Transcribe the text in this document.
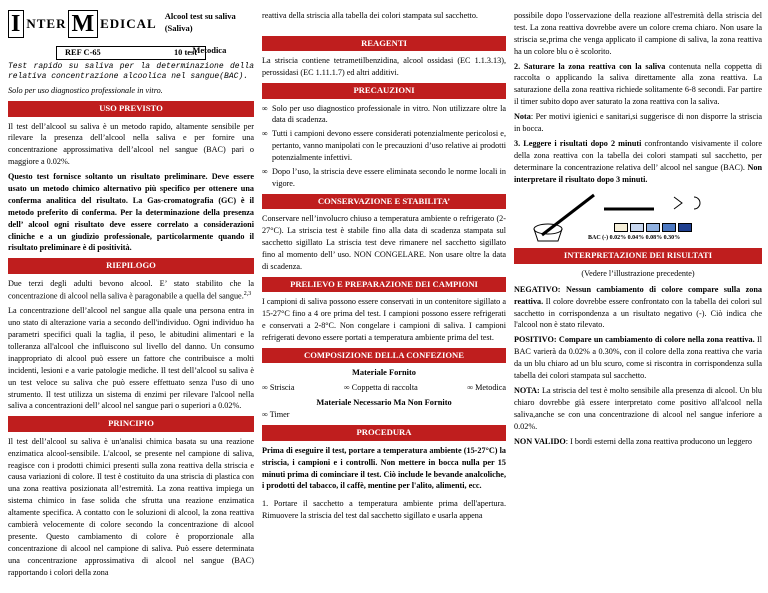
I NTER M EDICAL Alcool test su saliva (Saliva)
Metodica
REF C-65	10 test

Test rapido su saliva per la determinazione della relativa concentrazione alcoolica nel sangue(BAC).

Solo per uso diagnostico professionale in vitro.

USO PREVISTO

Il test dell’alcool su saliva è un metodo rapido, altamente sensibile per rilevare la presenza dell’alcool nella saliva e per fornire una concentrazione approssimativa dell’alcool nel sangue (BAC) pari o maggiore a 0.02%.

Questo test fornisce soltanto un risultato preliminare. Deve essere usato un metodo chimico alternativo più specifico per ottenere una conferma analitica del risultato. La Gas-cromatografia (GC) è il metodo preferito di conferma. Per la determinazione della presenza dell’ alcool ogni risultato deve essere correlato a considerazioni cliniche e a un giudizio professionale, particolarmente quando il risultato preliminare è di positività.

RIEPILOGO

Due terzi degli adulti bevono alcool. E’ stato stabilito che la concentrazione di alcool nella saliva è paragonabile a quella del sangue.$^{2,3}$

La concentrazione dell’alcool nel sangue alla quale una persona entra in uno stato di alterazione varia a secondo dell'individuo. Ogni individuo ha parametri specifici quali la taglia, il peso, le abitudini alimentari e la tolleranza all'alcool che influiscono sul livello del danno. Un consumo inappropriato di alcool può essere un fattore che contribuisce a molti incidenti, lesioni e a varie patologie mediche. Il test dell’alcool su saliva è un test veloce su saliva che può essere effettuato senza l'uso di uno strumento. Il test utilizza un sistema di enzimi per rilevare l'alcool nella saliva a concentrazioni dell’ alcool nel sangue pari o superiori a 0.02%.

PRINCIPIO

Il test dell’alcool su saliva è un'analisi chimica basata su una reazione enzimatica alcool-sensibile. L'alcool, se presente nel campione di saliva, reagisce con i prodotti chimici presenti sulla zona reattiva della striscia e causa variazioni di colore. Il test è costituito da una striscia di plastica con una zona reattiva posizionata all’estremità. La zona reattiva impiega un sistema chimico in fase solida che sfrutta una reazione enzimatica altamente specifica. A contatto con le soluzioni di alcool, la zona reattiva cambierà velocemente di colore secondo la concentrazione di alcool presente. Questo cambiamento di colore è proporzionale alla concentrazione di alcool nel campione di saliva. Può essere determinata una concentrazione approssimativa di alcool nel sangue (BAC) rapportando i colori della zona

reattiva della striscia alla tabella dei colori stampata sul sacchetto.

REAGENTI

La striscia contiene tetrametilbenzidina, alcool ossidasi (EC 1.1.3.13), perossidasi (EC 1.11.1.7) ed altri additivi.

PRECAUZIONI
∞ Solo per uso diagnostico professionale in vitro. Non utilizzare oltre la data di scadenza.
∞ Tutti i campioni devono essere considerati potenzialmente pericolosi e, pertanto, vanno manipolati con le precauzioni d’uso relative ai prodotti potenzialmente infettivi.
∞ Dopo l’uso, la striscia deve essere eliminata secondo le norme locali in vigore.
CONSERVAZIONE E STABILITA’

Conservare nell’involucro chiuso a temperatura ambiente o refrigerato (2-27°C). La striscia test è stabile fino alla data di scadenza stampata sul sacchetto sigillato La striscia test deve rimanere nel sacchetto sigillato fino al momento dell’ uso. NON CONGELARE. Non usare oltre la data di scadenza.

PRELIEVO E PREPARAZIONE DEI CAMPIONI

I campioni di saliva possono essere conservati in un contenitore sigillato a 15-27°C fino a 4 ore prima del test. I campioni possono essere refrigerati e conservati a 2-8°C. Non congelare i campioni di saliva. I campioni refrigerati devono essere portati a temperatura ambiente prima del test.

COMPOSIZIONE DELLA CONFEZIONE
Materiale Fornito
∞ Striscia	∞ Coppetta di raccolta	∞ Metodica
Materiale Necessario Ma Non Fornito
∞ Timer
PROCEDURA

Prima di eseguire il test, portare a temperatura ambiente (15-27°C) la striscia, i campioni e i controlli. Non mettere in bocca nulla per 15 minuti prima di cominciare il test. Ciò include le bevande analcoliche, i prodotti del tabacco, il caffè, mentine per l'alito, alimenti, ecc.

1. Portare il sacchetto a temperatura ambiente prima dell'apertura. Rimuovere la striscia del test dal sacchetto sigillato e usarla appena

possibile dopo l'osservazione della reazione all'estremità della striscia del test. La zona reattiva dovrebbe avere un colore crema chiaro. Non usare la striscia se,prima che venga applicato il campione di saliva, la zona reattiva ha un colore blu o è scolorito.

2. Saturare la zona reattiva con la saliva contenuta nella coppetta di raccolta o applicando la saliva direttamente alla zona reattiva. La saturazione della zona reattiva richiede solitamente 6-8 secondi. Far partire il timer subito dopo aver saturato la zona reattiva con la saliva.

Nota: Per motivi igienici e sanitari,si suggerisce di non disporre la striscia in bocca.

3. Leggere i risultati dopo 2 minuti confrontando visivamente il colore della zona reattiva con la tabella dei colori stampati sul sacchetto, per determinare la concentrazione relativa dell’ alcool nel sangue (BAC). Non interpretare il risultato dopo 3 minuti.

BAC (-) 0.02% 0.04% 0.08% 0.30%
INTERPRETAZIONE DEI RISULTATI
(Vedere l’illustrazione precedente)

NEGATIVO: Nessun cambiamento di colore compare sulla zona reattiva. Il colore dovrebbe essere confrontato con la tabella dei colori sul sacchetto in corrispondenza a un risultato negativo (-). Ciò indica che l'alcool non è stato rilevato.

POSITIVO: Compare un cambiamento di colore nella zona reattiva. Il BAC varierà da 0.02% a 0.30%, con il colore della zona reattiva che varia da un blu chiaro ad un blu scuro, come si riscontra in corrispondenza sulla tabella dei colori stampata sul sacchetto.

NOTA: La striscia del test è molto sensibile alla presenza di alcool. Un blu chiaro dovrebbe già essere interpretato come positivo all'alcool nella saliva,anche se con una concentrazione di alcool nel sangue inferiore a 0.02%.

NON VALIDO: I bordi esterni della zona reattiva producono un leggero
